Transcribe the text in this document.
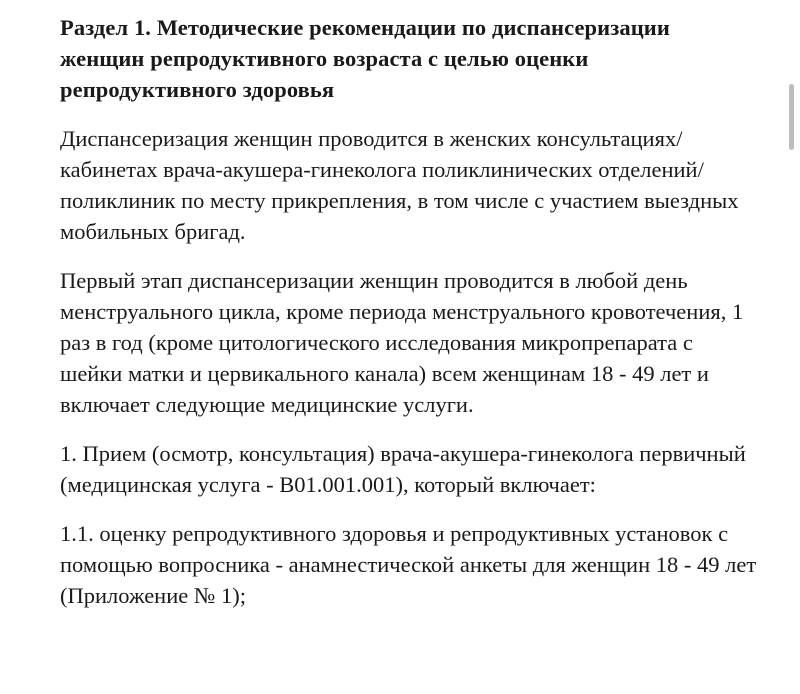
Раздел 1. Методические рекомендации по диспансеризации женщин репродуктивного возраста с целью оценки репродуктивного здоровья
Диспансеризация женщин проводится в женских консультациях/кабинетах врача-акушера-гинеколога поликлинических отделений/поликлиник по месту прикрепления, в том числе с участием выездных мобильных бригад.
Первый этап диспансеризации женщин проводится в любой день менструального цикла, кроме периода менструального кровотечения, 1 раз в год (кроме цитологического исследования микропрепарата с шейки матки и цервикального канала) всем женщинам 18 - 49 лет и включает следующие медицинские услуги.
1. Прием (осмотр, консультация) врача-акушера-гинеколога первичный (медицинская услуга - В01.001.001), который включает:
1.1. оценку репродуктивного здоровья и репродуктивных установок с помощью вопросника - анамнестической анкеты для женщин 18 - 49 лет (Приложение № 1);
